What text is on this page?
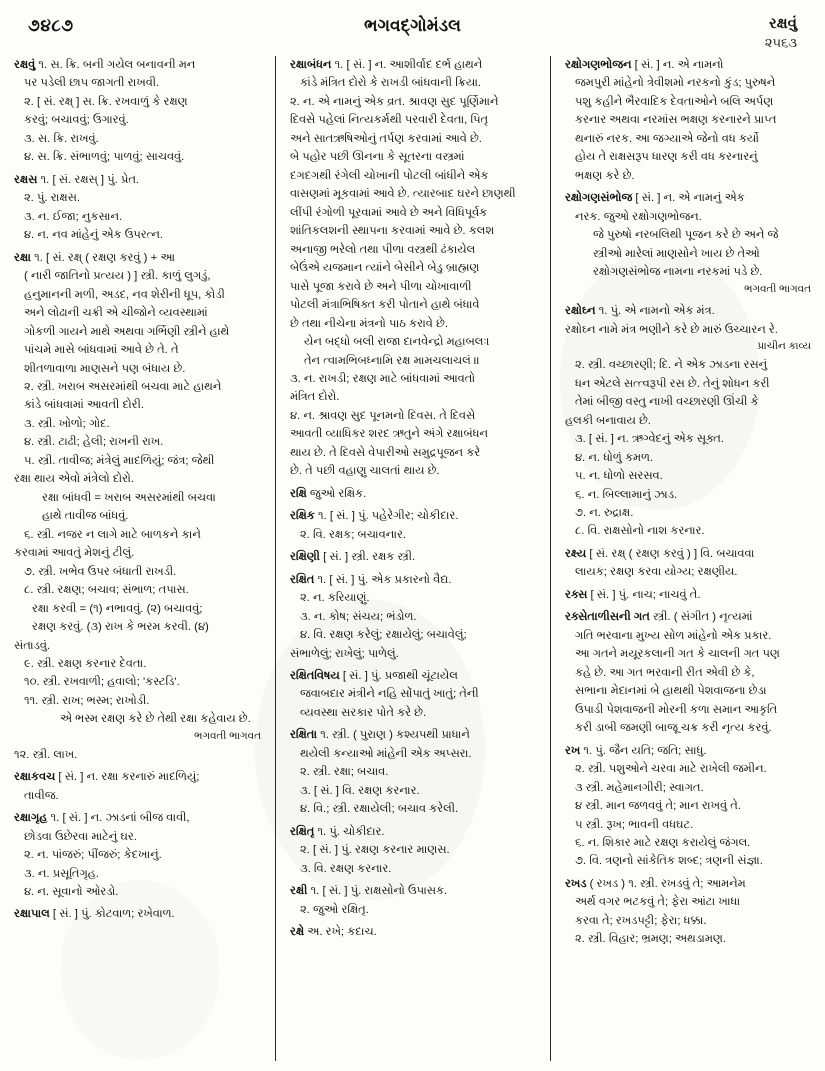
૭૪૮૭	ભગવદ્‌ગોમંડલ	રક્ષવું
૨૫૬૩

રક્ષવું ૧. સ. ક્રિ. બની ગયેલ બનાવની મન
પર પડેલી છાપ જાગતી રાખવી.
૨. [ સં. રક્ષ્ ] સ. ક્રિ. રખવાળું કે રક્ષણ
કરવું; બચાવવું; ઉગારવું.
૩. સ. ક્રિ. રાખવું.
૪. સ. ક્રિ. સંભાળવું; પાળવું; સાચવવું.

રક્ષસ ૧. [ સં. રક્ષસ્ ] પું. પ્રેત.
૨. પું. રાક્ષસ.
૩. ન. ઈજા; નુકસાન.
૪. ન. નવ માંહેનું એક ઉપરત્ન.

રક્ષા ૧. [ સં. રક્ષ્ ( રક્ષણ કરવું ) + આ
( નારી જાતિનો પ્રત્યય ) ] સ્ત્રી. કાળું લુગડું,
હનુમાનની મળી, અડદ, નવ શેરીની ધૂપ, કોડી
અને લોઢાની ચક્રી એ ચીજોને વ્યવસ્થામાં
ગોકળી ગાયને માથે અથવા ગર્ભિણી સ્ત્રીને હાથે
પાંચમે માસે બાંધવામાં આવે છે તે. તે
શીતળાવાળા માણસને પણ બંધાય છે.
૨. સ્ત્રી. ખરાબ અસરમાંથી બચવા માટે હાથને
કાંડે બાંધવામાં આવતી દોરી.
૩. સ્ત્રી. ખોળો; ગોદ.
૪. સ્ત્રી. ટાઢી; હેલી; રાખની રાખ.
૫. સ્ત્રી. તાવીજ; મંત્રેલું માદળિયું; જંત્ર; જેથી
રક્ષા થાય એવો મંત્રેલો દોરો.
રક્ષા બાંધવી = ખરાબ અસરમાંથી બચવા
હાથે તાવીજ બાંધવું.
૬. સ્ત્રી. નજર ન લાગે માટે બાળકને કાને
કરવામાં આવતું મેશનું ટીલું.
૭. સ્ત્રી. ખભેવ ઉપર બંધાતી રાખડી.
૮. સ્ત્રી. રક્ષણ; બચાવ; સંભાળ; તપાસ.
રક્ષા કરવી = (૧) નભાવવું. (૨) બચાવવું;
રક્ષણ કરવું. (૩) રાખ કે ભરમ કરવી. (૪)
સંતાડવું.
૯. સ્ત્રી. રક્ષણ કરનાર દેવતા.
૧૦. સ્ત્રી. રખવાળી; હવાલો; 'કસ્ટડિ'.
૧૧. સ્ત્રી. રાખ; ભસ્મ; રાખોડી.
એ ભસ્મ રક્ષણ કરે છે તેથી રક્ષા કહેવાય છે.
ભગવતી ભાગવત
૧૨. સ્ત્રી. લાખ.

રક્ષાકવચ [ સં. ] ન. રક્ષા કરનારું માદળિયું;
તાવીજ.

રક્ષાગૃહ ૧. [ સં. ] ન. ઝાડનાં બીજ વાવી,
છોડવા ઉછેરવા માટેનું ઘર.
૨. ન. પાંજરું; પીંજરું; કેદખાનું.
૩. ન. પ્રસૂતિગૃહ.
૪. ન. સૂવાનો ઓરડો.

રક્ષાપાલ [ સં. ] પું. કોટવાળ; રખેવાળ.

રક્ષાબંધન ૧. [ સં. ] ન. આશીર્વાદ દર્ભ હાથને
કાંડે મંત્રિત દોરો કે રાખડી બાંધવાની ક્રિયા.
૨. ન. એ નામનું એક વ્રત. શ્રાવણ સુદ પૂર્ણિમાને
દિવસે પહેલાં નિત્યકર્મથી પરવારી દેવતા, પિતૃ
અને સાતઋષિઓનું તર્પણ કરવામાં આવે છે.
બે પહોર પછી ઊનના કે સૂતરના વસ્ત્રમાં
દગદગથી રંગેલી ચોખાની પોટલી બાંધીને એક
વાસણમાં મૂકવામાં આવે છે. ત્યારબાદ ઘરને છાણથી
લીંપી રંગોળી પૂરવામાં આવે છે અને વિધિપૂર્વક
શાંતિકલશની સ્થાપના કરવામાં આવે છે. કલશ
અનાજી ભરેલો તથા પીળા વસ્ત્રથી ઢંકાયેલ
બેઉંએ યજમાન ત્યાંને બેસીને બેડુ બ્રાહ્મણ
પાસે પૂજા કરાવે છે અને પીળા ચોખાવાળી
પોટલી મંત્રાભિષિક્ત કરી પોતાને હાથે બંધાવે
છે તથા નીચેના મંત્રનો પાઠ કરાવે છે.
યેન બદ્ધો બલી રાજા દાનવેન્દ્રો મહાબલઃ।
તેન ત્વામભિબધ્નામિ રક્ષ મામચલાચલં ॥
૩. ન. રાખડી; રક્ષણ માટે બાંધવામાં આવતો
મંત્રિત દોરો.
૪. ન. શ્રાવણ સુદ પૂનમનો દિવસ. તે દિવસે
આવતી વ્યાધિકર શરદ ઋતુને અંગે રક્ષાબંધન
થાય છે. તે દિવસે વેપારીઓ સમુદ્રપૂજન કરે
છે. તે પછી વહાણુ ચાલતાં થાય છે.

રક્ષિ જુઓ રક્ષિક.

રક્ષિક ૧. [ સં. ] પું. પહેરેગીર; ચોકીદાર.
૨. વિ. રક્ષક; બચાવનાર.

રક્ષિણી [ સં. ] સ્ત્રી. રક્ષક સ્ત્રી.

રક્ષિત ૧. [ સં. ] પું. એક પ્રકારનો વૈદ્ય.
૨. ન. કરિયાણું.
૩. ન. કોષ; સંચય; ભંડોળ.
૪. વિ. રક્ષણ કરેલું; રક્ષાયેલું; બચાવેલું;
સંભાળેલું; રાખેલું; પાળેલું.

રક્ષિતવિષય [ સં. ] પું. પ્રજાથી ચૂંટાયેલ
જવાબદાર મંત્રીને નહિ સોંપાતું ખાતું; તેની
વ્યવસ્થા સરકાર પોતે કરે છે.

રક્ષિતા ૧. સ્ત્રી. ( પુરાણ ) કશ્યપથી પ્રાધાને
થયેલી કન્યાઓ માંહેની એક અપ્સરા.
૨. સ્ત્રી. રક્ષા; બચાવ.
૩. [ સં. ] વિ. રક્ષણ કરનાર.
૪. વિ.; સ્ત્રી. રક્ષાયેલી; બચાવ કરેલી.

રક્ષિતૃ ૧. પું. ચોકીદાર.
૨. [ સં. ] પું. રક્ષણ કરનાર માણસ.
૩. વિ. રક્ષણ કરનાર.

રક્ષી ૧. [ સં. ] પું. રાક્ષસોનો ઉપાસક.
૨. જુઓ રક્ષિતૃ.

રક્ષે અ. રખે; કદાચ.

રક્ષોગણભોજન [ સં. ] ન. એ નામનો
જમપુરી માંહેનો ત્રેવીશમો નરકનો કુંડ; પુરુષને
પશુ કહીને ભૈરવાદિક દેવતાઓને બલિ અર્પણ
કરનાર અથવા નરમાંસ ભક્ષણ કરનારને પ્રાપ્ત
થનારું નરક. આ જગ્યાએ જેનો વધ કર્યો
હોય તે રાક્ષસરૂપ ધારણ કરી વધ કરનારનું
ભક્ષણ કરે છે.

રક્ષોગણસંભોજ [ સં. ] ન. એ નામનું એક
નરક. જુઓ રક્ષોગણભોજન.
જે પુરુષો નરબલિથી પૂજન કરે છે અને જે
સ્ત્રીઓ મારેલાં માણસોને ખાય છે તેઓ
રક્ષોગણસંભોજ નામના નરકમાં પડે છે.
ભગવતી ભાગવત

રક્ષોઘ્ન ૧. પું. એ નામનો એક મંત્ર.
રક્ષોઘ્ન નામે મંત્ર ભણીને કરે છે મારું ઉચ્ચારન રે.
પ્રાચીન કાવ્ય
૨. સ્ત્રી. વચ્છારણી; દિ. ને એક ઝાડના રસનું
ધન એટલે સત્ત્વરૂપી રસ છે. તેનું શોધન કરી
તેમાં બીજી વસ્તુ નાખી વચ્છારણી ઊંચી કે
હલકી બનાવાય છે.
૩. [ સં. ] ન. ઋગ્વેદનું એક સૂક્ત.
૪. ન. ધોળું કમળ.
૫. ન. ધોળો સરસવ.
૬. ન. બિલ્લામાનું ઝાડ.
૭. ન. રુદ્રાક્ષ.
૮. વિ. રાક્ષસોનો નાશ કરનાર.

રક્ષ્ય [ સં. રક્ષ્ ( રક્ષણ કરવું ) ] વિ. બચાવવા
લાયક; રક્ષણ કરવા યોગ્ય; રક્ષણીય.

રક્સ [ સં. ] પું. નાચ; નાચવું તે.

રક્સેતાળીસની ગત સ્ત્રી. ( સંગીત ) નૃત્યમાં
ગતિ ભરવાના મુખ્ય સોળ માંહેનો એક પ્રકાર.
આ ગતને મયૂરકલાની ગત કે ચાલની ગત પણ
કહે છે. આ ગત ભરવાની રીત એવી છે કે,
સભાના મેદાનમાં બે હાથથી પેશવાજના છેડા
ઉપાડી પેશવાજની મોરની કળા સમાન આકૃતિ
કરી ડાબી જમણી બાજૂ ચક્ર કરી નૃત્ય કરવું.

રખ ૧. પું. જૈન યતિ; જતિ; સાધુ.
૨. સ્ત્રી. પશુઓને ચરવા માટે રાખેલી જમીન.
૩ સ્ત્રી. મહેમાનગીરી; સ્વાગત.
૪ સ્ત્રી. માન જળવવું તે; માન રાખવું તે.
૫ સ્ત્રી. રૂખ; ભાવની વધઘટ.
૬. ન. શિકાર માટે રક્ષણ કરાયેલું જંગલ.
૭. વિ. ત્રણનો સાંકેતિક શબ્દ; ત્રણની સંજ્ઞા.

રખડ ( રખડ ) ૧. સ્ત્રી. રખડવું તે; આમનેમ
અર્થ વગર ભટકવું તે; ફેરા આંટા ખાધા
કરવા તે; રખડપટ્ટી; ફેરા; ધક્કા.
૨. સ્ત્રી. વિહાર; ભ્રમણ; અથડામણ.
